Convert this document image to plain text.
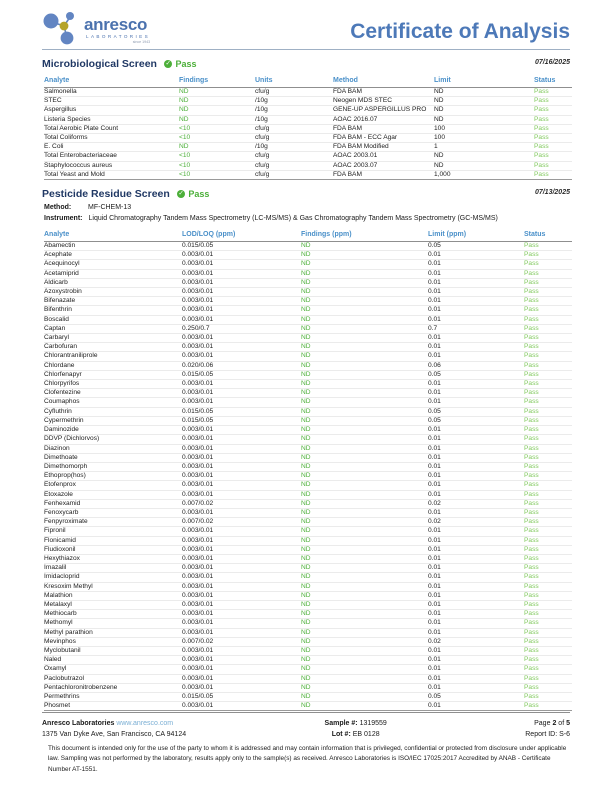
anresco
LABORATORIES
since 1943	Certificate of Analysis
Microbiological Screen ✓ Pass	07/16/2025
Analyte	Findings	Units	Method	Limit	Status
Salmonella	ND	cfu/g	FDA BAM	ND	Pass
STEC	ND	/10g	Neogen MDS STEC	ND	Pass
Aspergillus	ND	/10g	GENE-UP ASPERGILLUS PRO	ND	Pass
Listeria Species	ND	/10g	AOAC 2016.07	ND	Pass
Total Aerobic Plate Count	<10	cfu/g	FDA BAM	100	Pass
Total Coliforms	<10	cfu/g	FDA BAM - ECC Agar	100	Pass
E. Coli	ND	/10g	FDA BAM Modified	1	Pass
Total Enterobacteriaceae	<10	cfu/g	AOAC 2003.01	ND	Pass
Staphylococcus aureus	<10	cfu/g	AOAC 2003.07	ND	Pass
Total Yeast and Mold	<10	cfu/g	FDA BAM	1,000	Pass
Pesticide Residue Screen ✓ Pass	07/13/2025
Method:	MF-CHEM-13
Instrument: Liquid Chromatography Tandem Mass Spectrometry (LC-MS/MS) & Gas Chromatography Tandem Mass Spectrometry (GC-MS/MS)
Analyte	LOD/LOQ (ppm)	Findings (ppm)	Limit (ppm)	Status
Abamectin	0.015/0.05	ND	0.05	Pass
Acephate	0.003/0.01	ND	0.01	Pass
Acequinocyl	0.003/0.01	ND	0.01	Pass
Acetamiprid	0.003/0.01	ND	0.01	Pass
Aldicarb	0.003/0.01	ND	0.01	Pass
Azoxystrobin	0.003/0.01	ND	0.01	Pass
Bifenazate	0.003/0.01	ND	0.01	Pass
Bifenthrin	0.003/0.01	ND	0.01	Pass
Boscalid	0.003/0.01	ND	0.01	Pass
Captan	0.250/0.7	ND	0.7	Pass
Carbaryl	0.003/0.01	ND	0.01	Pass
Carbofuran	0.003/0.01	ND	0.01	Pass
Chlorantraniliprole	0.003/0.01	ND	0.01	Pass
Chlordane	0.020/0.06	ND	0.06	Pass
Chlorfenapyr	0.015/0.05	ND	0.05	Pass
Chlorpyrifos	0.003/0.01	ND	0.01	Pass
Clofentezine	0.003/0.01	ND	0.01	Pass
Coumaphos	0.003/0.01	ND	0.01	Pass
Cyfluthrin	0.015/0.05	ND	0.05	Pass
Cypermethrin	0.015/0.05	ND	0.05	Pass
Daminozide	0.003/0.01	ND	0.01	Pass
DDVP (Dichlorvos)	0.003/0.01	ND	0.01	Pass
Diazinon	0.003/0.01	ND	0.01	Pass
Dimethoate	0.003/0.01	ND	0.01	Pass
Dimethomorph	0.003/0.01	ND	0.01	Pass
Ethoprop(hos)	0.003/0.01	ND	0.01	Pass
Etofenprox	0.003/0.01	ND	0.01	Pass
Etoxazole	0.003/0.01	ND	0.01	Pass
Fenhexamid	0.007/0.02	ND	0.02	Pass
Fenoxycarb	0.003/0.01	ND	0.01	Pass
Fenpyroximate	0.007/0.02	ND	0.02	Pass
Fipronil	0.003/0.01	ND	0.01	Pass
Flonicamid	0.003/0.01	ND	0.01	Pass
Fludioxonil	0.003/0.01	ND	0.01	Pass
Hexythiazox	0.003/0.01	ND	0.01	Pass
Imazalil	0.003/0.01	ND	0.01	Pass
Imidacloprid	0.003/0.01	ND	0.01	Pass
Kresoxim Methyl	0.003/0.01	ND	0.01	Pass
Malathion	0.003/0.01	ND	0.01	Pass
Metalaxyl	0.003/0.01	ND	0.01	Pass
Methiocarb	0.003/0.01	ND	0.01	Pass
Methomyl	0.003/0.01	ND	0.01	Pass
Methyl parathion	0.003/0.01	ND	0.01	Pass
Mevinphos	0.007/0.02	ND	0.02	Pass
Myclobutanil	0.003/0.01	ND	0.01	Pass
Naled	0.003/0.01	ND	0.01	Pass
Oxamyl	0.003/0.01	ND	0.01	Pass
Paclobutrazol	0.003/0.01	ND	0.01	Pass
Pentachloronitrobenzene	0.003/0.01	ND	0.01	Pass
Permethrins	0.015/0.05	ND	0.05	Pass
Phosmet	0.003/0.01	ND	0.01	Pass
Anresco Laboratories www.anresco.com
1375 Van Dyke Ave, San Francisco, CA 94124
Sample #: 1319559
Lot #: EB 0128
Page 2 of 5
Report ID: S-6
This document is intended only for the use of the party to whom it is addressed and may contain information that is privileged, confidential or protected from disclosure under applicable law. Sampling was not performed by the laboratory, results apply only to the sample(s) as received. Anresco Laboratories is ISO/IEC 17025:2017 Accredited by ANAB - Certificate Number AT-1551.
